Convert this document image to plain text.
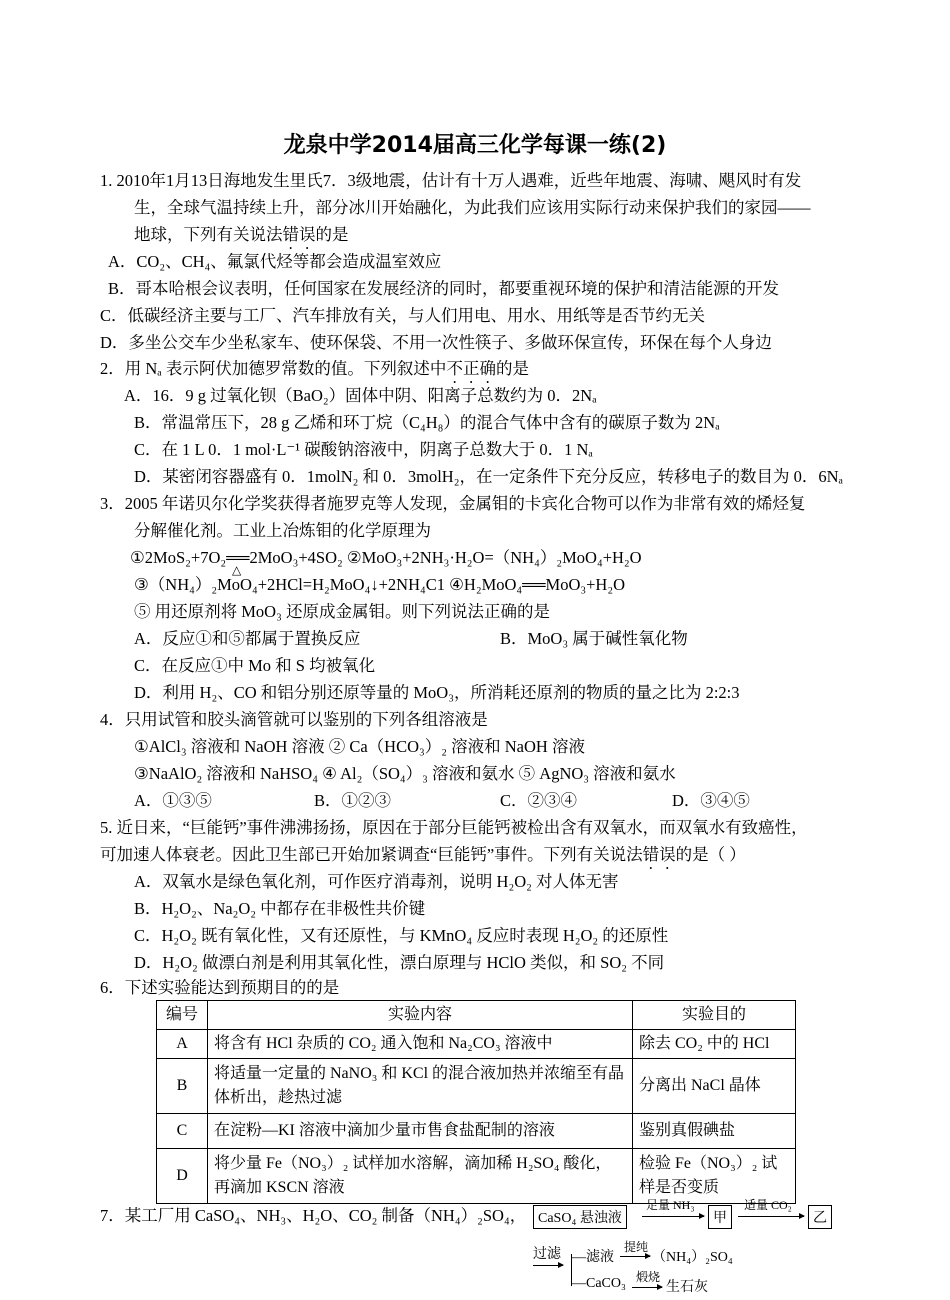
龙泉中学2014届高三化学每课一练(2)
1. 2010年1月13日海地发生里氏7．3级地震，估计有十万人遇难，近些年地震、海啸、飓风时有发
生，全球气温持续上升，部分冰川开始融化，为此我们应该用实际行动来保护我们的家园——
地球，下列有关说法错误的是
A．CO₂、CH₄、氟氯代烃等都会造成温室效应
B．哥本哈根会议表明，任何国家在发展经济的同时，都要重视环境的保护和清洁能源的开发
C．低碳经济主要与工厂、汽车排放有关，与人们用电、用水、用纸等是否节约无关
D．多坐公交车少坐私家车、使环保袋、不用一次性筷子、多做环保宣传，环保在每个人身边
2．用 Nₐ 表示阿伏加德罗常数的值。下列叙述中不正确的是
A．16．9 g 过氧化钡（BaO₂）固体中阴、阳离子总数约为 0．2Nₐ
B．常温常压下，28 g 乙烯和环丁烷（C₄H₈）的混合气体中含有的碳原子数为 2Nₐ
C．在 1 L 0．1 mol·L⁻¹ 碳酸钠溶液中，阴离子总数大于 0．1 Nₐ
D．某密闭容器盛有 0．1molN₂ 和 0．3molH₂，在一定条件下充分反应，转移电子的数目为 0．6Nₐ
3．2005 年诺贝尔化学奖获得者施罗克等人发现，金属钼的卡宾化合物可以作为非常有效的烯烃复
分解催化剂。工业上冶炼钼的化学原理为
①2MoS₂+7O₂══2MoO₃+4SO₂ ②MoO₃+2NH₃·H₂O=（NH₄）₂MoO₄+H₂O
△
③（NH₄）₂MoO₄+2HCl=H₂MoO₄↓+2NH₄C1 ④H₂MoO₄══MoO₃+H₂O
⑤ 用还原剂将 MoO₃ 还原成金属钼。则下列说法正确的是
A．反应①和⑤都属于置换反应	B．MoO₃ 属于碱性氧化物
C．在反应①中 Mo 和 S 均被氧化
D．利用 H₂、CO 和铝分别还原等量的 MoO₃，所消耗还原剂的物质的量之比为 2:2:3
4．只用试管和胶头滴管就可以鉴别的下列各组溶液是
①AlCl₃ 溶液和 NaOH 溶液 ② Ca（HCO₃）₂ 溶液和 NaOH 溶液
③NaAlO₂ 溶液和 NaHSO₄ ④ Al₂（SO₄）₃ 溶液和氨水 ⑤ AgNO₃ 溶液和氨水
A．①③⑤	B．①②③	C．②③④	D．③④⑤
5. 近日来，“巨能钙”事件沸沸扬扬，原因在于部分巨能钙被检出含有双氧水，而双氧水有致癌性，
可加速人体衰老。因此卫生部已开始加紧调查“巨能钙”事件。下列有关说法错误的是（ ）
A．双氧水是绿色氧化剂，可作医疗消毒剂，说明 H₂O₂ 对人体无害
B．H₂O₂、Na₂O₂ 中都存在非极性共价键
C．H₂O₂ 既有氧化性，又有还原性，与 KMnO₄ 反应时表现 H₂O₂ 的还原性
D．H₂O₂ 做漂白剂是利用其氧化性，漂白原理与 HClO 类似，和 SO₂ 不同
6．下述实验能达到预期目的的是
编号	实验内容	实验目的
A	将含有 HCl 杂质的 CO₂ 通入饱和 Na₂CO₃ 溶液中	除去 CO₂ 中的 HCl
B	将适量一定量的 NaNO₃ 和 KCl 的混合液加热并浓缩至有晶体析出，趁热过滤	分离出 NaCl 晶体
C	在淀粉—KI 溶液中滴加少量市售食盐配制的溶液	鉴别真假碘盐
D	将少量 Fe（NO₃）₂ 试样加水溶解，滴加稀 H₂SO₄ 酸化，再滴加 KSCN 溶液	检验 Fe（NO₃）₂ 试样是否变质
7．某工厂用 CaSO₄、NH₃、H₂O、CO₂ 制备（NH₄）₂SO₄， CaSO₄ 悬浊液
足量 NH₃
甲
适量 CO₂
乙
过滤 —滤液
提纯
（NH₄）₂SO₄
—CaCO₃ 煅烧
生石灰
